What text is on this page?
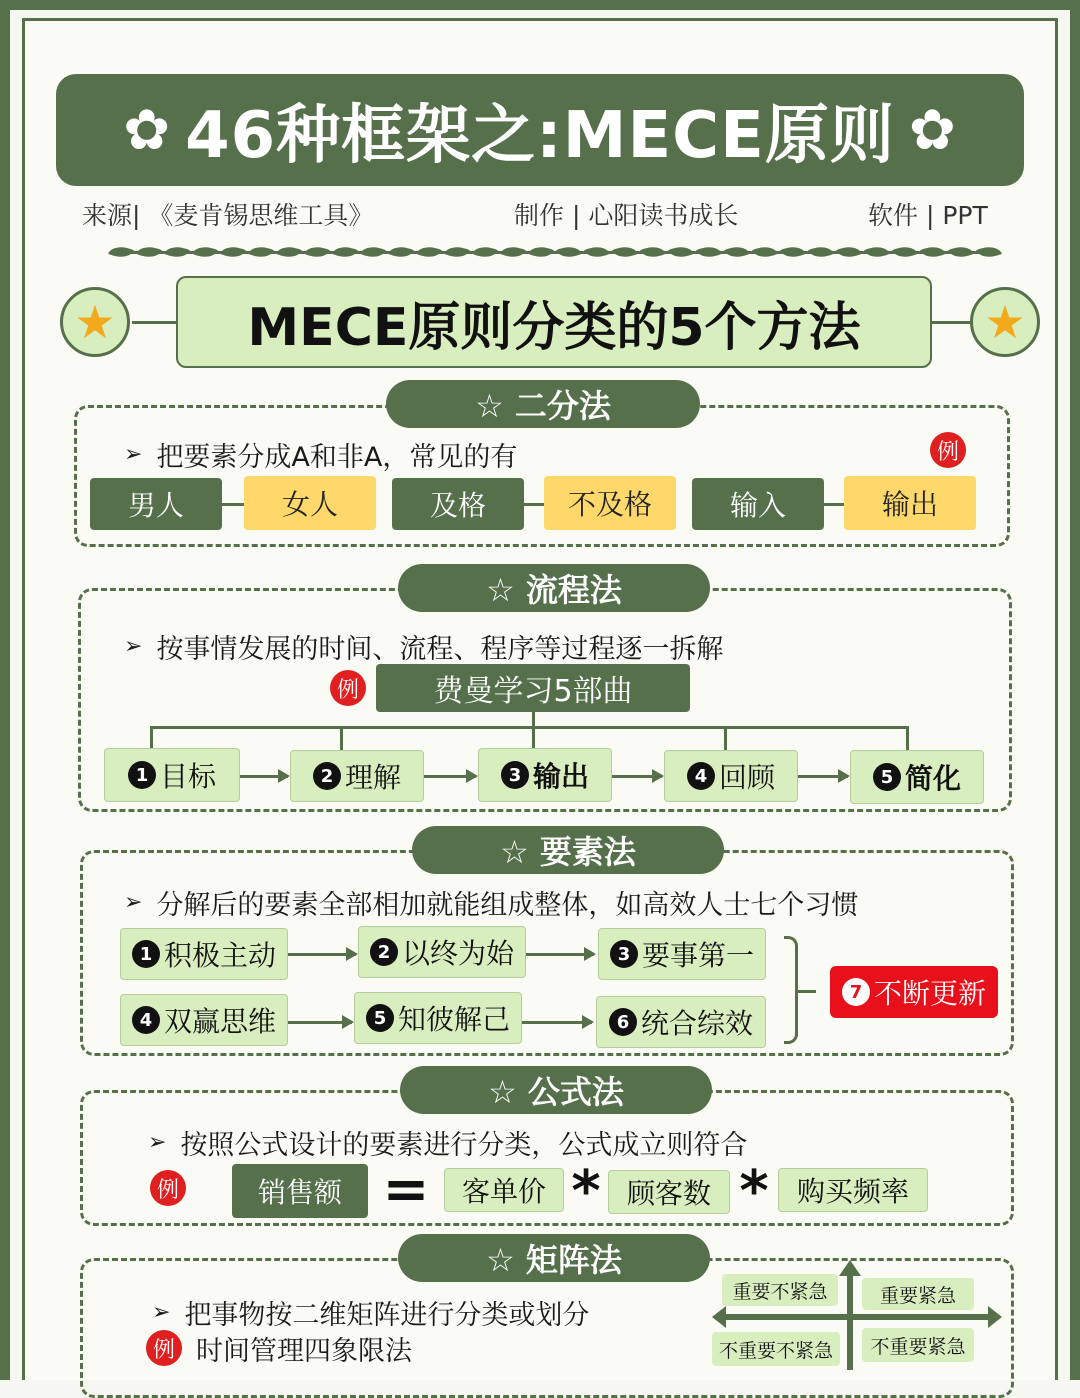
✿ 46种框架之:MECE原则 ✿
来源| 《麦肯锡思维工具》	制作 | 心阳读书成长	软件 | PPT
★	MECE原则分类的5个方法	★
☆ 二分法
➢ 把要素分成A和非A，常见的有	例
男人	女人	及格	不及格	输入	输出
☆ 流程法
➢ 按事情发展的时间、流程、程序等过程逐一拆解
例	费曼学习5部曲
1 目标	2 理解	3 输出	4 回顾	5 简化
☆ 要素法
➢ 分解后的要素全部相加就能组成整体，如高效人士七个习惯
1 积极主动	2 以终为始	3 要事第一
4 双赢思维	5 知彼解己	6 统合综效
7 不断更新
☆ 公式法
➢ 按照公式设计的要素进行分类，公式成立则符合
例	销售额 =	客单价 * 顾客数 *	购买频率
☆ 矩阵法
➢ 把事物按二维矩阵进行分类或划分
例 时间管理四象限法
重要不紧急	重要紧急
不重要不紧急	不重要紧急
